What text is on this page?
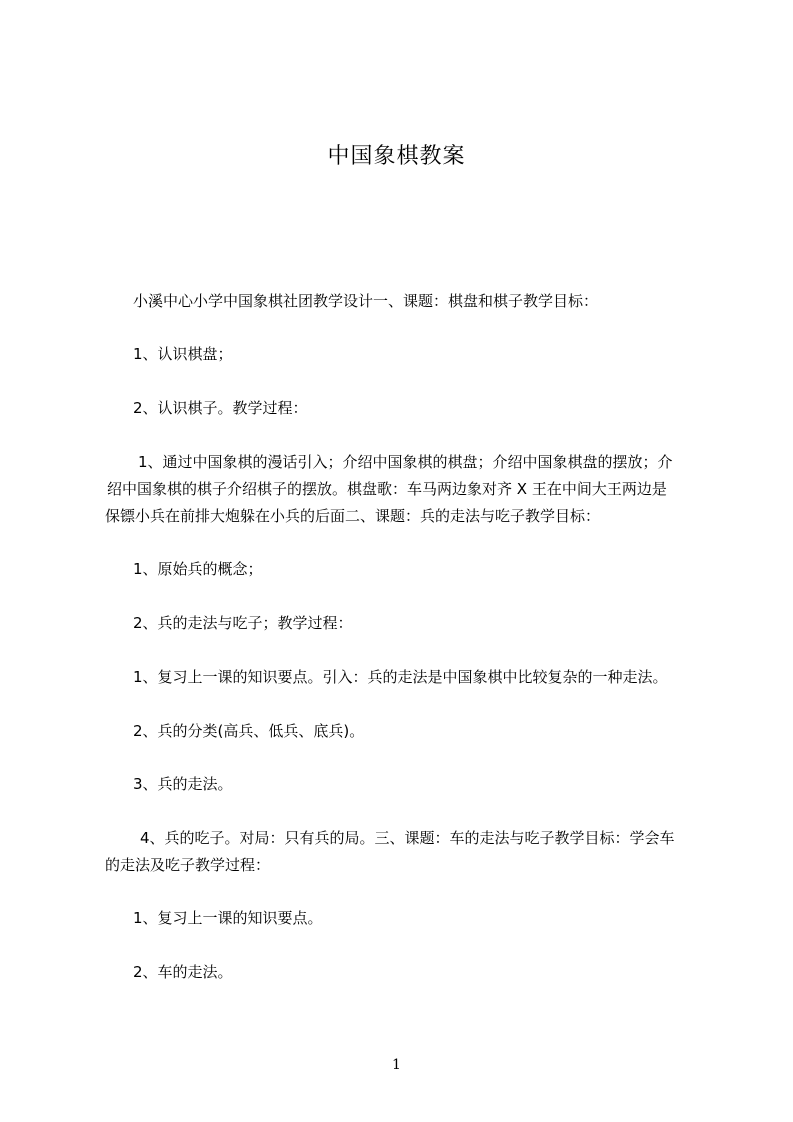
中国象棋教案

小溪中心小学中国象棋社团教学设计一、课题：棋盘和棋子教学目标：

1、认识棋盘；

2、认识棋子。教学过程：

1、通过中国象棋的漫话引入；介绍中国象棋的棋盘；介绍中国象棋盘的摆放；介
绍中国象棋的棋子介绍棋子的摆放。棋盘歌：车马两边象对齐 X 王在中间大王两边是
保镖小兵在前排大炮躲在小兵的后面二、课题：兵的走法与吃子教学目标：

1、原始兵的概念；

2、兵的走法与吃子；教学过程：

1、复习上一课的知识要点。引入：兵的走法是中国象棋中比较复杂的一种走法。

2、兵的分类(高兵、低兵、底兵)。

3、兵的走法。

4、兵的吃子。对局：只有兵的局。三、课题：车的走法与吃子教学目标：学会车
的走法及吃子教学过程：

1、复习上一课的知识要点。

2、车的走法。

1
